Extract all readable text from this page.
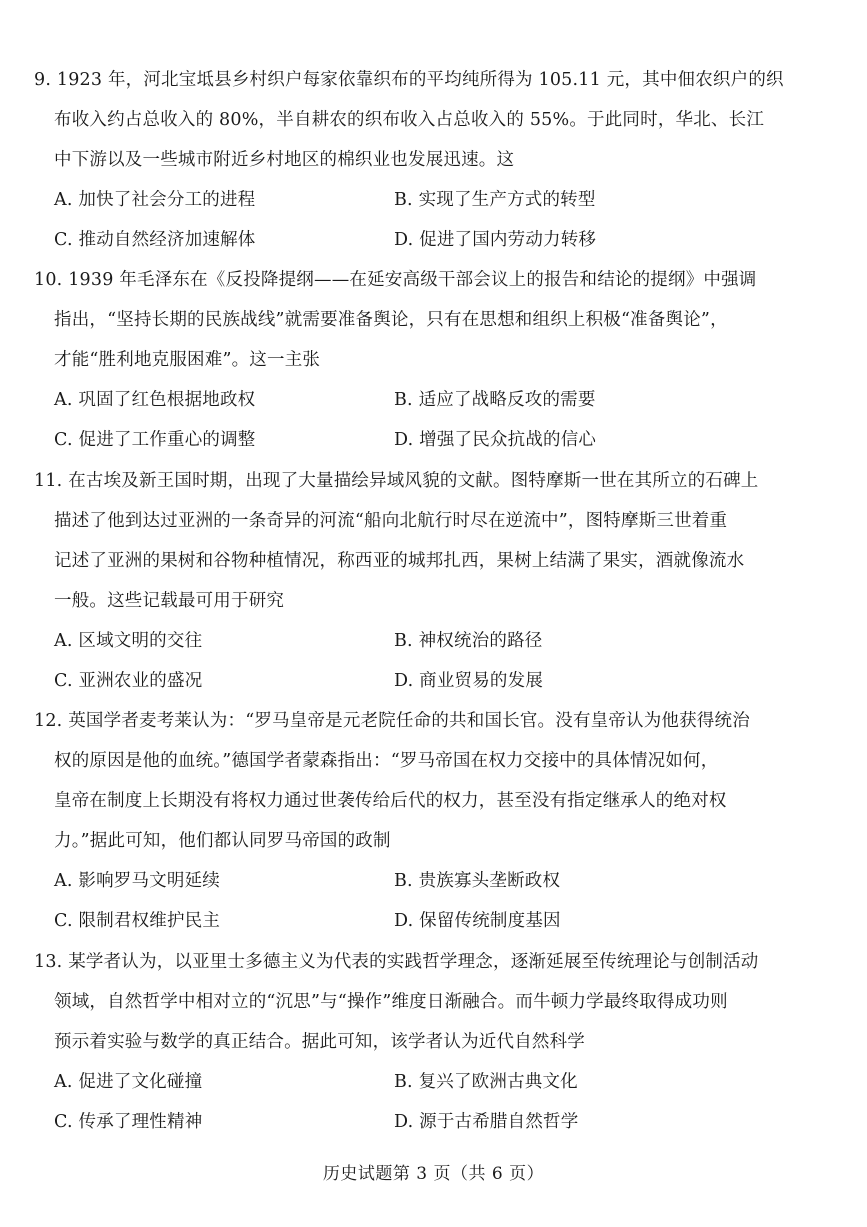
9. 1923 年，河北宝坻县乡村织户每家依靠织布的平均纯所得为 105.11 元，其中佃农织户的织
布收入约占总收入的 80%，半自耕农的织布收入占总收入的 55%。于此同时，华北、长江
中下游以及一些城市附近乡村地区的棉织业也发展迅速。这
A. 加快了社会分工的进程	B. 实现了生产方式的转型
C. 推动自然经济加速解体	D. 促进了国内劳动力转移
10. 1939 年毛泽东在《反投降提纲——在延安高级干部会议上的报告和结论的提纲》中强调
指出，“坚持长期的民族战线”就需要准备舆论，只有在思想和组织上积极“准备舆论”，
才能“胜利地克服困难”。这一主张
A. 巩固了红色根据地政权	B. 适应了战略反攻的需要
C. 促进了工作重心的调整	D. 增强了民众抗战的信心
11. 在古埃及新王国时期，出现了大量描绘异域风貌的文献。图特摩斯一世在其所立的石碑上
描述了他到达过亚洲的一条奇异的河流“船向北航行时尽在逆流中”，图特摩斯三世着重
记述了亚洲的果树和谷物种植情况，称西亚的城邦扎西，果树上结满了果实，酒就像流水
一般。这些记载最可用于研究
A. 区域文明的交往	B. 神权统治的路径
C. 亚洲农业的盛况	D. 商业贸易的发展
12. 英国学者麦考莱认为：“罗马皇帝是元老院任命的共和国长官。没有皇帝认为他获得统治
权的原因是他的血统。”德国学者蒙森指出：“罗马帝国在权力交接中的具体情况如何，
皇帝在制度上长期没有将权力通过世袭传给后代的权力，甚至没有指定继承人的绝对权
力。”据此可知，他们都认同罗马帝国的政制
A. 影响罗马文明延续	B. 贵族寡头垄断政权
C. 限制君权维护民主	D. 保留传统制度基因
13. 某学者认为，以亚里士多德主义为代表的实践哲学理念，逐渐延展至传统理论与创制活动
领域，自然哲学中相对立的“沉思”与“操作”维度日渐融合。而牛顿力学最终取得成功则
预示着实验与数学的真正结合。据此可知，该学者认为近代自然科学
A. 促进了文化碰撞	B. 复兴了欧洲古典文化
C. 传承了理性精神	D. 源于古希腊自然哲学
历史试题第 3 页（共 6 页）
